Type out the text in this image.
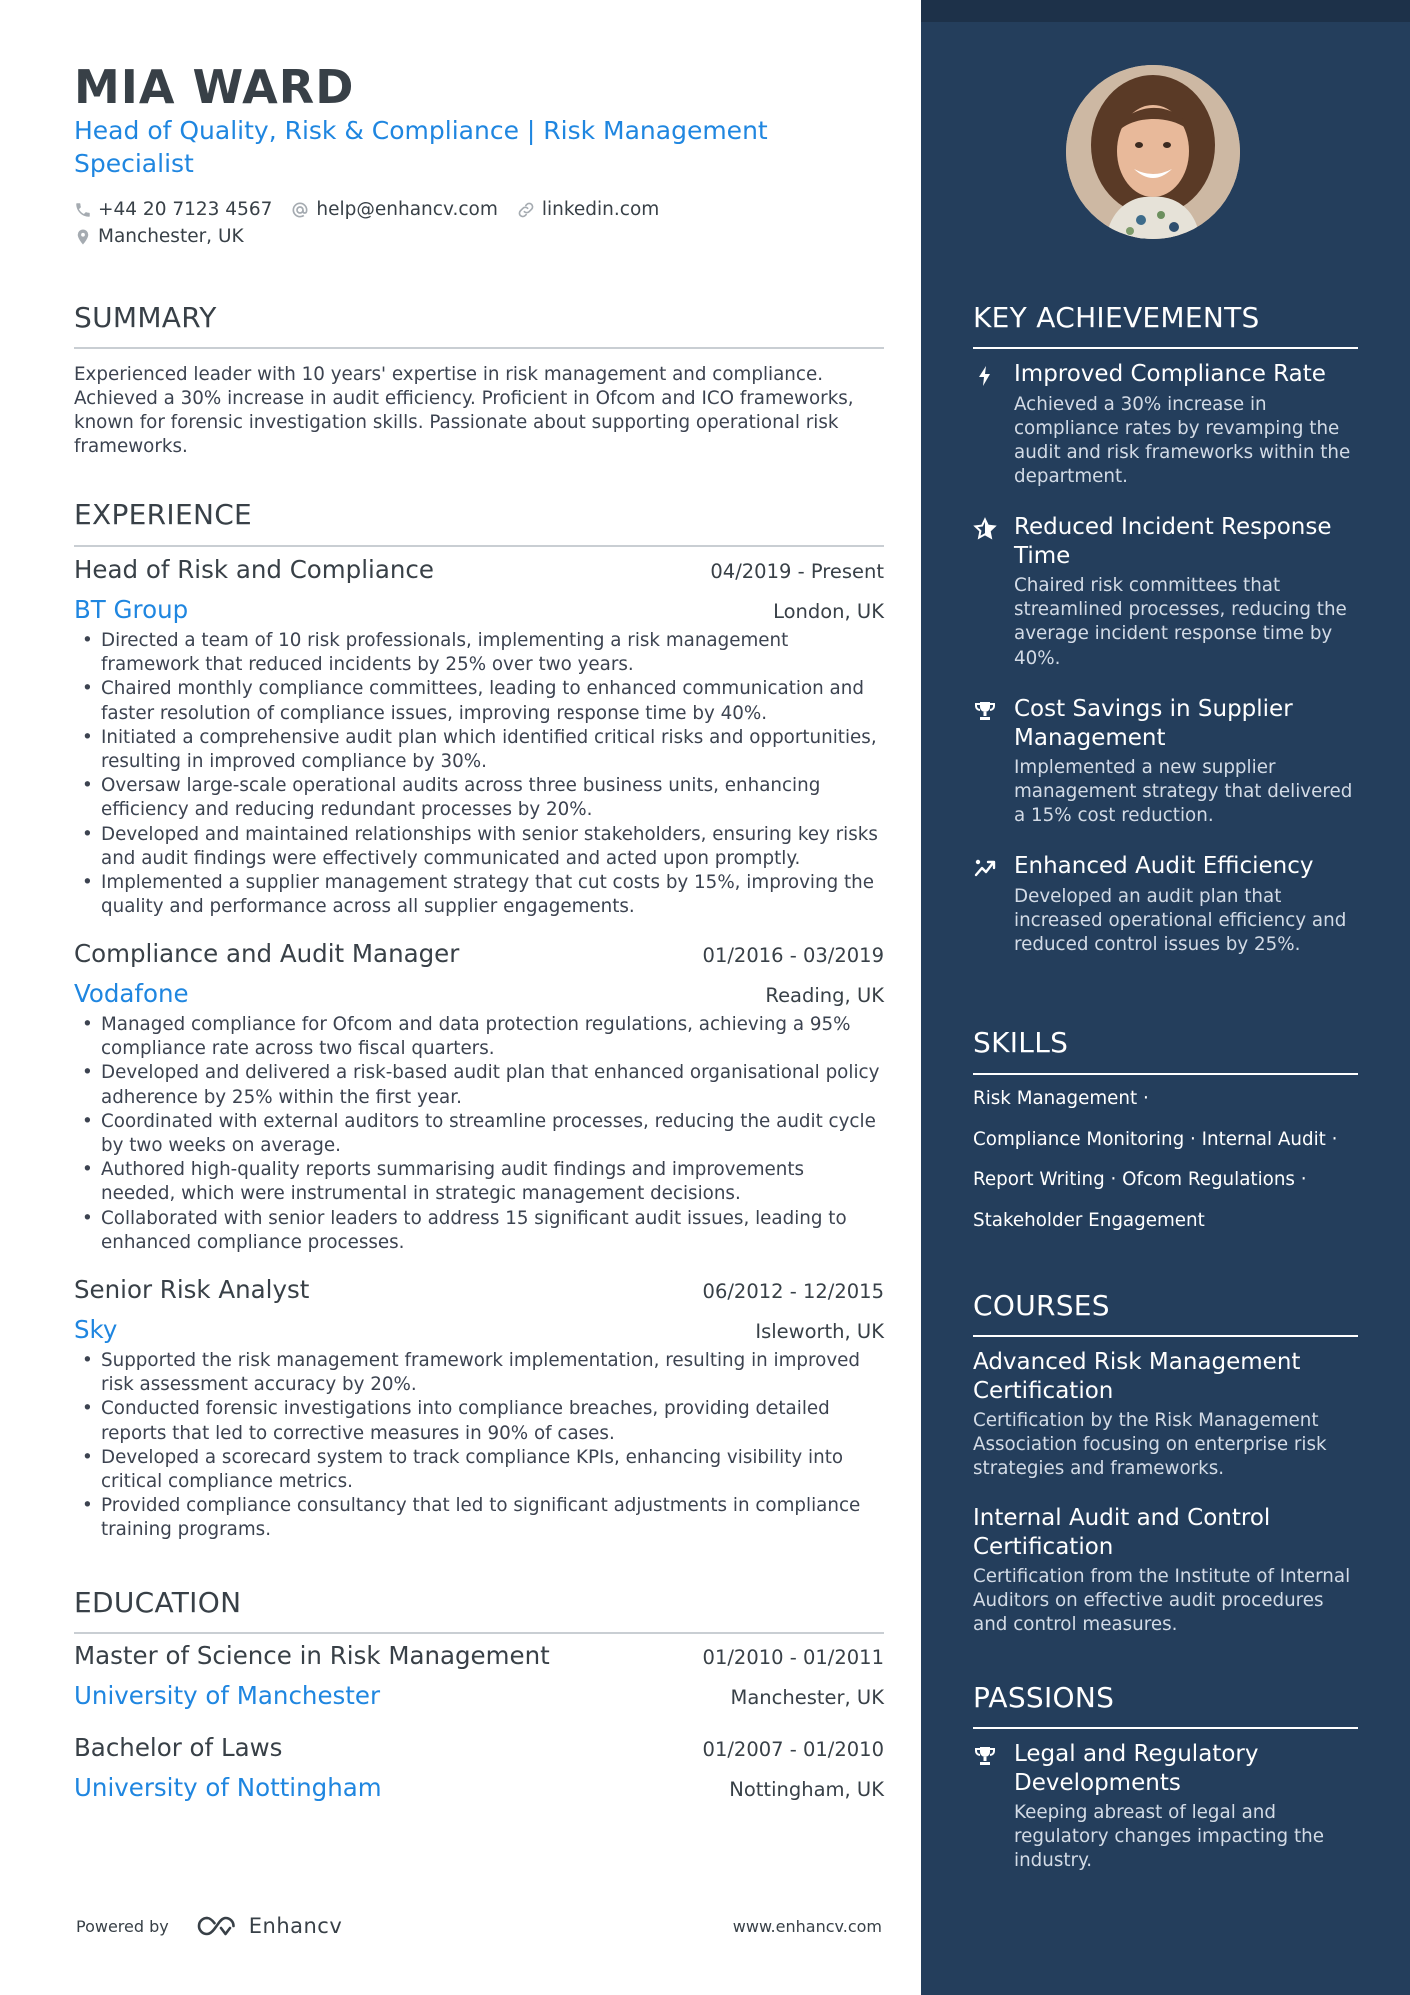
MIA WARD
Head of Quality, Risk & Compliance | Risk Management Specialist
+44 20 7123 4567 help@enhancv.com linkedin.com
Manchester, UK
SUMMARY
Experienced leader with 10 years' expertise in risk management and compliance. Achieved a 30% increase in audit efficiency. Proficient in Ofcom and ICO frameworks, known for forensic investigation skills. Passionate about supporting operational risk frameworks.
EXPERIENCE
Head of Risk and Compliance	04/2019 - Present
BT Group	London, UK
• Directed a team of 10 risk professionals, implementing a risk management framework that reduced incidents by 25% over two years.
• Chaired monthly compliance committees, leading to enhanced communication and faster resolution of compliance issues, improving response time by 40%.
• Initiated a comprehensive audit plan which identified critical risks and opportunities, resulting in improved compliance by 30%.
• Oversaw large-scale operational audits across three business units, enhancing efficiency and reducing redundant processes by 20%.
• Developed and maintained relationships with senior stakeholders, ensuring key risks and audit findings were effectively communicated and acted upon promptly.
• Implemented a supplier management strategy that cut costs by 15%, improving the quality and performance across all supplier engagements.
Compliance and Audit Manager	01/2016 - 03/2019
Vodafone	Reading, UK
• Managed compliance for Ofcom and data protection regulations, achieving a 95% compliance rate across two fiscal quarters.
• Developed and delivered a risk-based audit plan that enhanced organisational policy adherence by 25% within the first year.
• Coordinated with external auditors to streamline processes, reducing the audit cycle by two weeks on average.
• Authored high-quality reports summarising audit findings and improvements needed, which were instrumental in strategic management decisions.
• Collaborated with senior leaders to address 15 significant audit issues, leading to enhanced compliance processes.
Senior Risk Analyst	06/2012 - 12/2015
Sky	Isleworth, UK
• Supported the risk management framework implementation, resulting in improved risk assessment accuracy by 20%.
• Conducted forensic investigations into compliance breaches, providing detailed reports that led to corrective measures in 90% of cases.
• Developed a scorecard system to track compliance KPIs, enhancing visibility into critical compliance metrics.
• Provided compliance consultancy that led to significant adjustments in compliance training programs.
EDUCATION
Master of Science in Risk Management	01/2010 - 01/2011
University of Manchester	Manchester, UK
Bachelor of Laws	01/2007 - 01/2010
University of Nottingham	Nottingham, UK
Powered by	Enhancv	www.enhancv.com
KEY ACHIEVEMENTS
Improved Compliance Rate
Achieved a 30% increase in compliance rates by revamping the audit and risk frameworks within the department.
Reduced Incident Response Time
Chaired risk committees that streamlined processes, reducing the average incident response time by 40%.
Cost Savings in Supplier Management
Implemented a new supplier management strategy that delivered a 15% cost reduction.
Enhanced Audit Efficiency
Developed an audit plan that increased operational efficiency and reduced control issues by 25%.
SKILLS
Risk Management ·
Compliance Monitoring · Internal Audit ·
Report Writing · Ofcom Regulations ·
Stakeholder Engagement
COURSES
Advanced Risk Management Certification
Certification by the Risk Management Association focusing on enterprise risk strategies and frameworks.
Internal Audit and Control Certification
Certification from the Institute of Internal Auditors on effective audit procedures and control measures.
PASSIONS
Legal and Regulatory Developments
Keeping abreast of legal and regulatory changes impacting the industry.
